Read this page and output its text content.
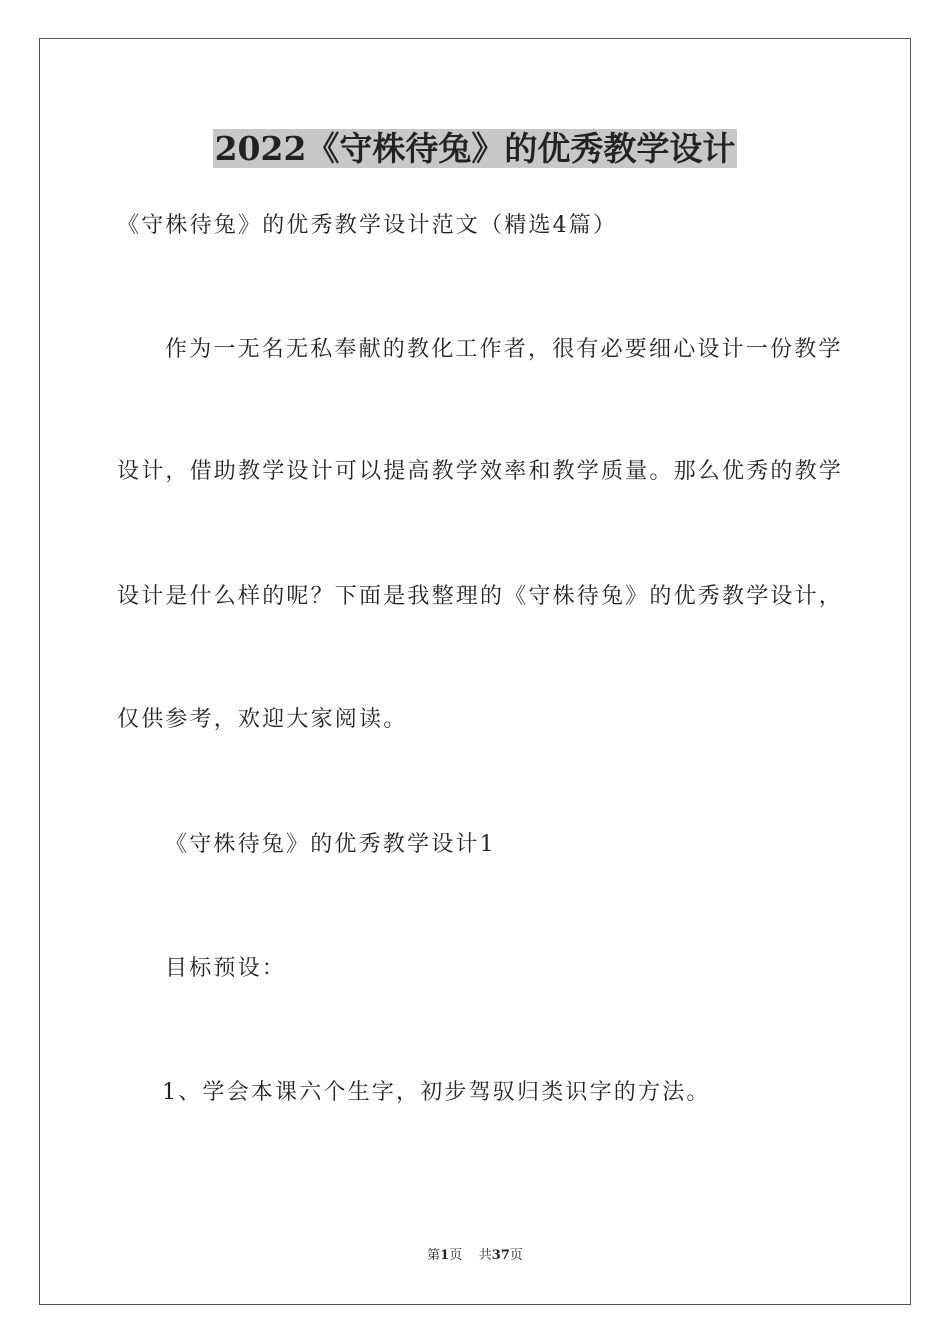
2022《守株待兔》的优秀教学设计
《守株待兔》的优秀教学设计范文（精选4篇）
作为一无名无私奉献的教化工作者，很有必要细心设计一份教学
设计，借助教学设计可以提高教学效率和教学质量。那么优秀的教学
设计是什么样的呢？下面是我整理的《守株待兔》的优秀教学设计，
仅供参考，欢迎大家阅读。
《守株待兔》的优秀教学设计1
目标预设：
1、学会本课六个生字，初步驾驭归类识字的方法。
第1页 共37页
